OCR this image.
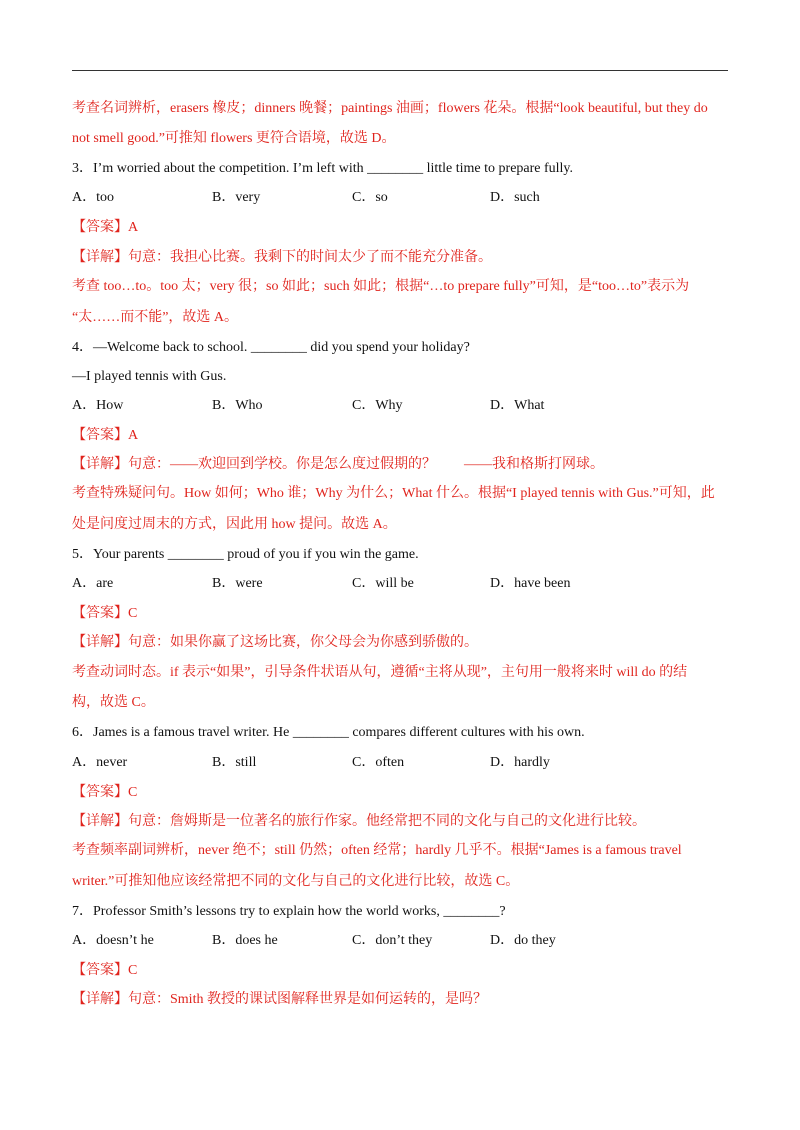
考查名词辨析，erasers 橡皮；dinners 晚餐；paintings 油画；flowers 花朵。根据“look beautiful, but they do
not smell good.”可推知 flowers 更符合语境，故选 D。
3．I’m worried about the competition. I’m left with ________ little time to prepare fully.
A．too	B．very	C．so	D．such
【答案】A
【详解】句意：我担心比赛。我剩下的时间太少了而不能充分准备。
考查 too…to。too 太；very 很；so 如此；such 如此；根据“…to prepare fully”可知，是“too…to”表示为
“太……而不能”，故选 A。
4．—Welcome back to school. ________ did you spend your holiday?
—I played tennis with Gus.
A．How	B．Who	C．Why	D．What
【答案】A
【详解】句意：——欢迎回到学校。你是怎么度过假期的？　　——我和格斯打网球。
考查特殊疑问句。How 如何；Who 谁；Why 为什么；What 什么。根据“I played tennis with Gus.”可知，此
处是问度过周末的方式，因此用 how 提问。故选 A。
5．Your parents ________ proud of you if you win the game.
A．are	B．were	C．will be	D．have been
【答案】C
【详解】句意：如果你赢了这场比赛，你父母会为你感到骄傲的。
考查动词时态。if 表示“如果”，引导条件状语从句，遵循“主将从现”，主句用一般将来时 will do 的结
构，故选 C。
6．James is a famous travel writer. He ________ compares different cultures with his own.
A．never	B．still	C．often	D．hardly
【答案】C
【详解】句意：詹姆斯是一位著名的旅行作家。他经常把不同的文化与自己的文化进行比较。
考查频率副词辨析，never 绝不；still 仍然；often 经常；hardly 几乎不。根据“James is a famous travel
writer.”可推知他应该经常把不同的文化与自己的文化进行比较，故选 C。
7．Professor Smith’s lessons try to explain how the world works, ________?
A．doesn’t he	B．does he	C．don’t they	D．do they
【答案】C
【详解】句意：Smith 教授的课试图解释世界是如何运转的，是吗？
